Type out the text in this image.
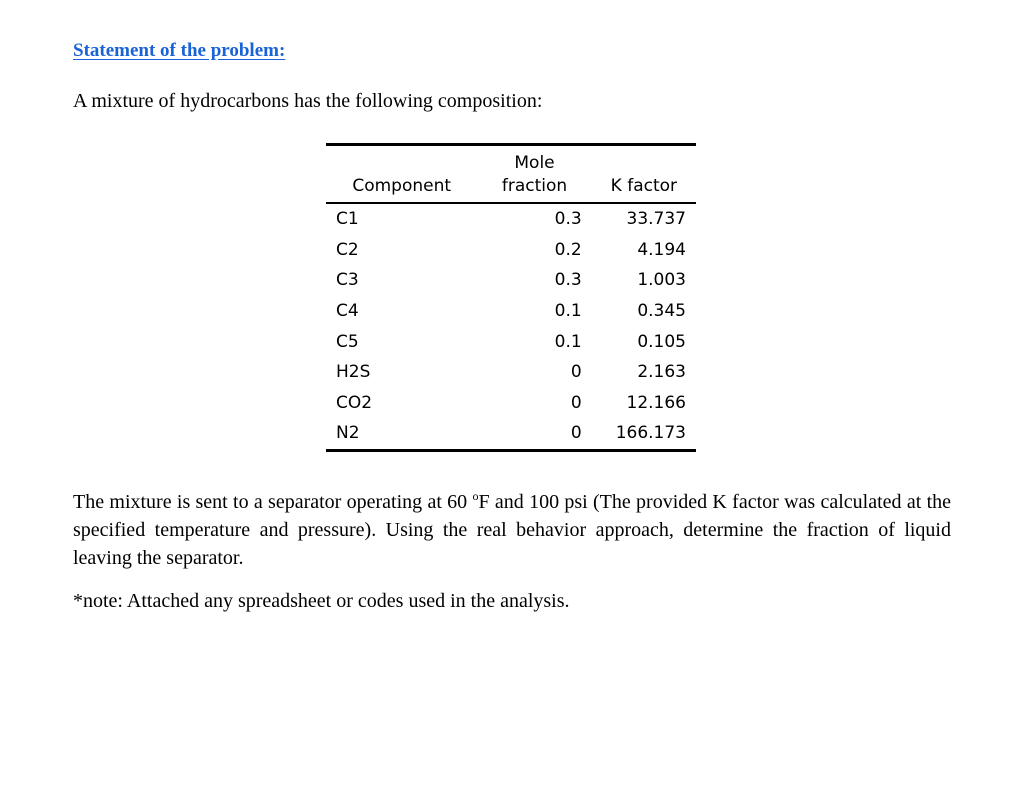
Statement of the problem:

A mixture of hydrocarbons has the following composition:

	Mole	
Component	fraction	K factor
C1	0.3	33.737
C2	0.2	4.194
C3	0.3	1.003
C4	0.1	0.345
C5	0.1	0.105
H2S	0	2.163
CO2	0	12.166
N2	0	166.173

The mixture is sent to a separator operating at 60 $^o$F and 100 psi (The provided K factor was calculated at the specified temperature and pressure). Using the real behavior approach, determine the fraction of liquid leaving the separator.

*note: Attached any spreadsheet or codes used in the analysis.
